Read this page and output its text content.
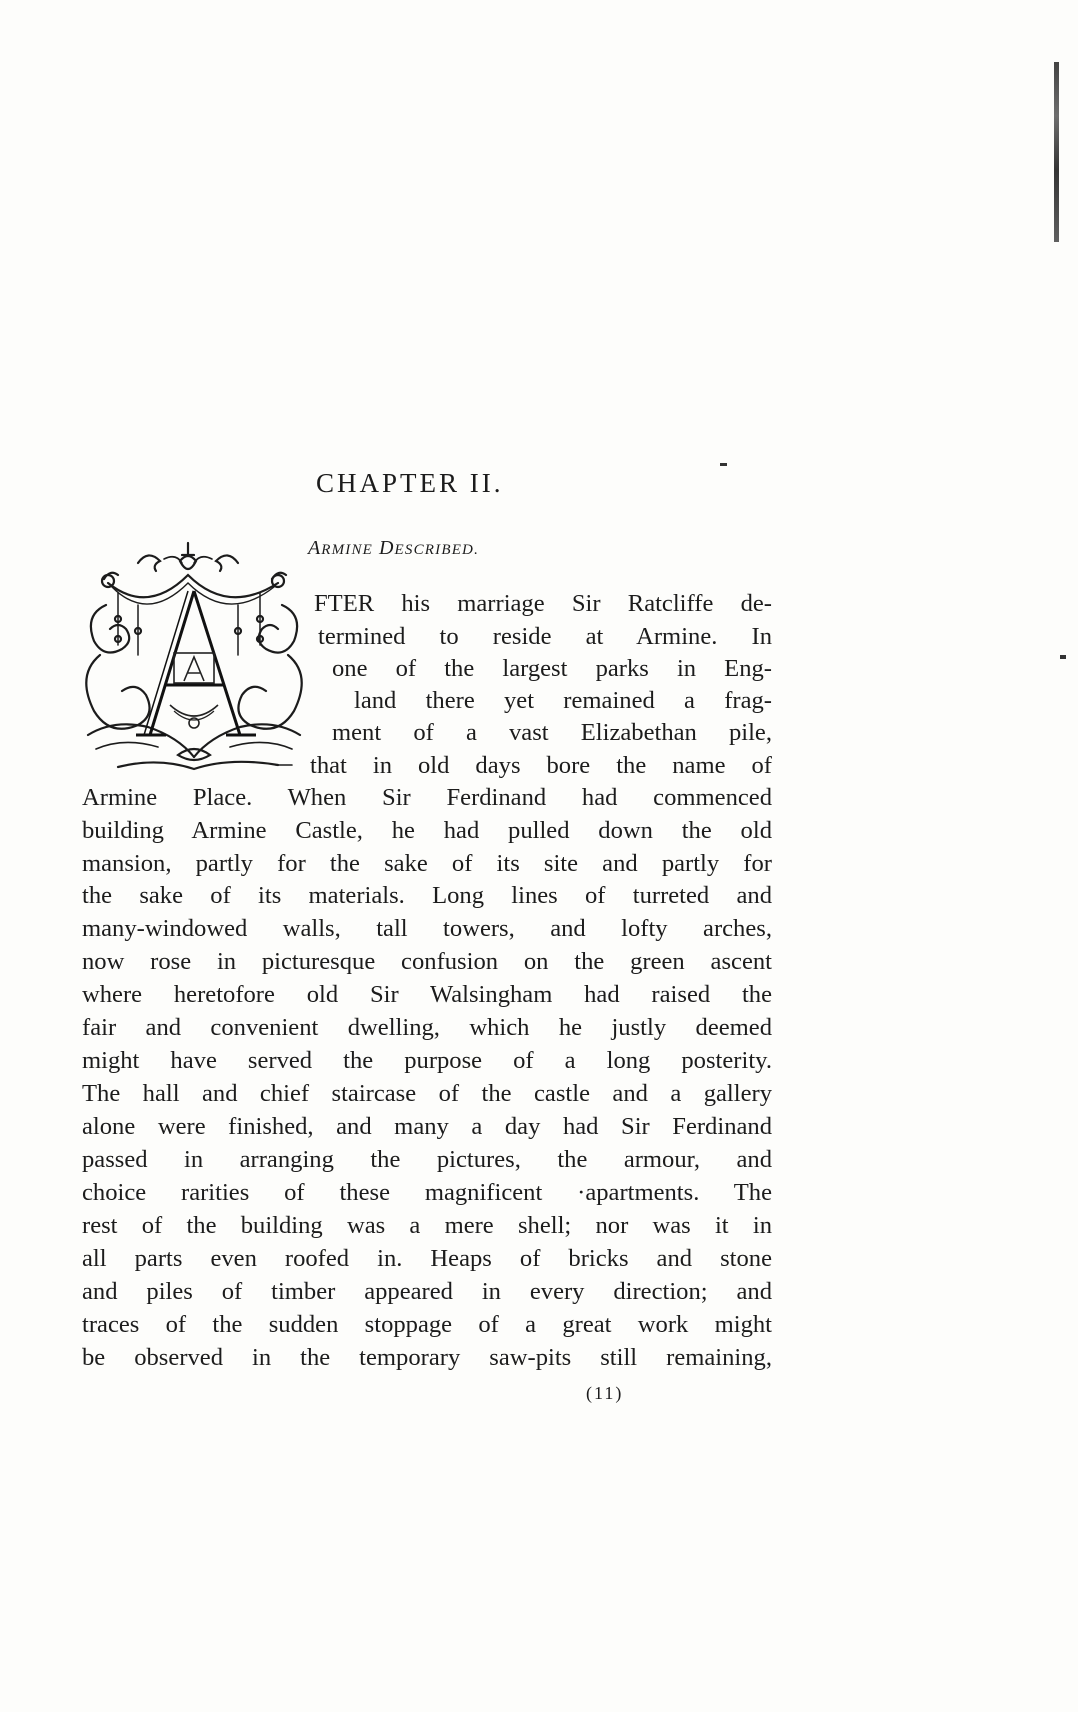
CHAPTER II.
ARMINE DESCRIBED.
FTER his marriage Sir Ratcliffe de-
termined to reside at Armine. In
one of the largest parks in Eng-
land there yet remained a frag-
ment of a vast Elizabethan pile,
that in old days bore the name of
Armine Place. When Sir Ferdinand had commenced
building Armine Castle, he had pulled down the old
mansion, partly for the sake of its site and partly for
the sake of its materials. Long lines of turreted and
many-windowed walls, tall towers, and lofty arches,
now rose in picturesque confusion on the green ascent
where heretofore old Sir Walsingham had raised the
fair and convenient dwelling, which he justly deemed
might have served the purpose of a long posterity.
The hall and chief staircase of the castle and a gallery
alone were finished, and many a day had Sir Ferdinand
passed in arranging the pictures, the armour, and
choice rarities of these magnificent ·apartments. The
rest of the building was a mere shell; nor was it in
all parts even roofed in. Heaps of bricks and stone
and piles of timber appeared in every direction; and
traces of the sudden stoppage of a great work might
be observed in the temporary saw-pits still remaining,
(11)
